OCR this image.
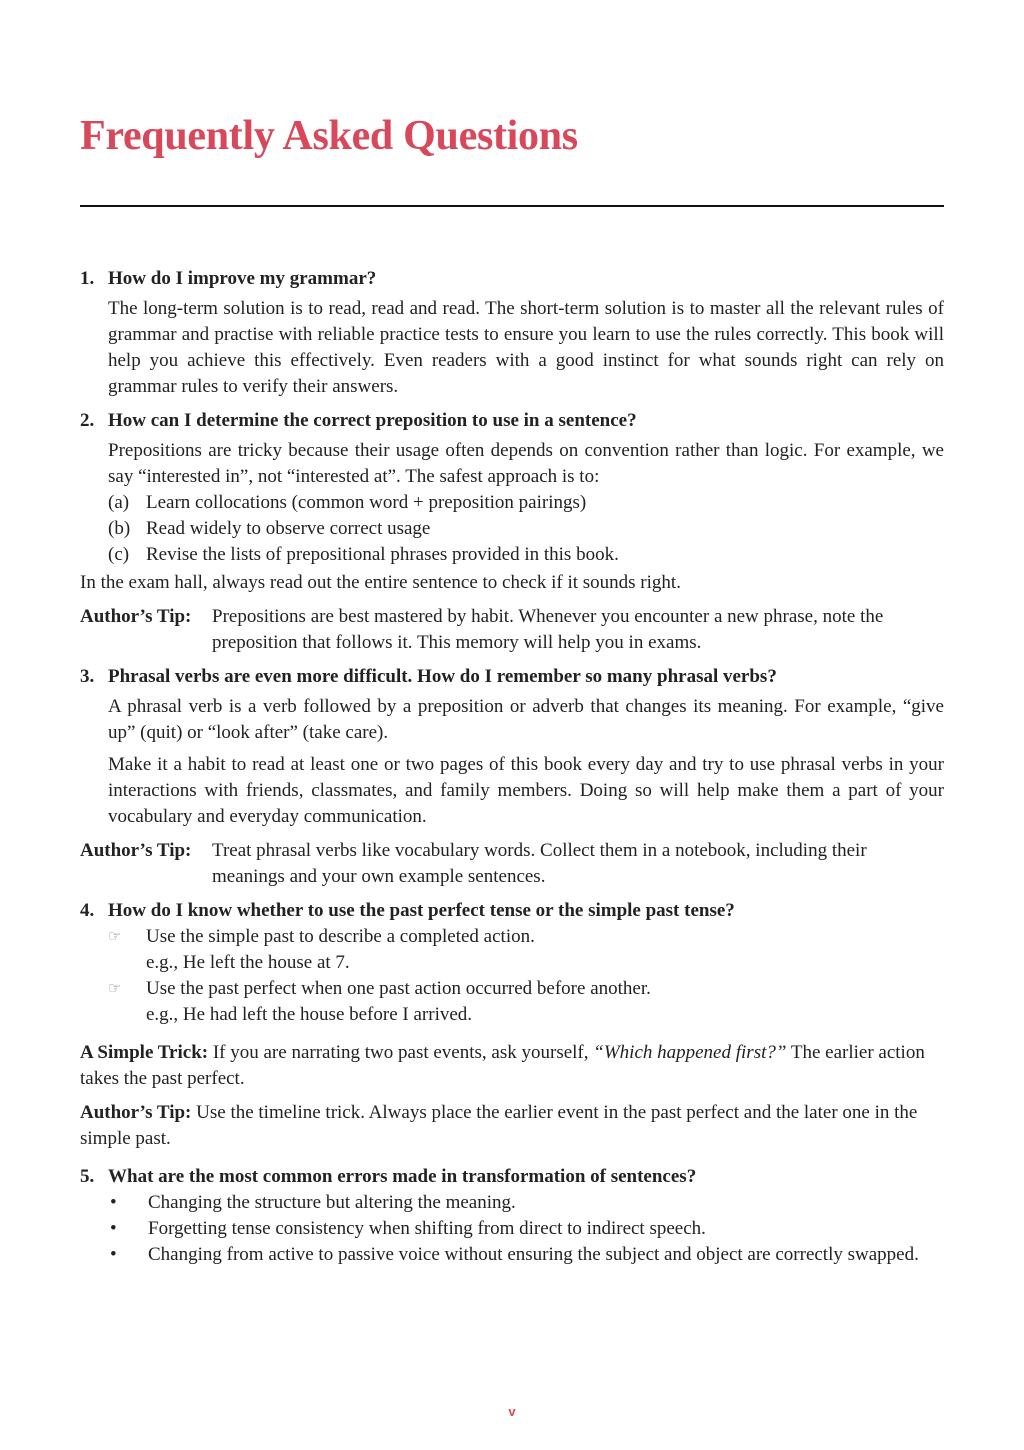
Frequently Asked Questions
1. How do I improve my grammar?
The long-term solution is to read, read and read. The short-term solution is to master all the relevant rules of grammar and practise with reliable practice tests to ensure you learn to use the rules correctly. This book will help you achieve this effectively. Even readers with a good instinct for what sounds right can rely on grammar rules to verify their answers.
2. How can I determine the correct preposition to use in a sentence?
Prepositions are tricky because their usage often depends on convention rather than logic. For example, we say “interested in”, not “interested at”. The safest approach is to:
(a) Learn collocations (common word + preposition pairings)
(b) Read widely to observe correct usage
(c) Revise the lists of prepositional phrases provided in this book.
In the exam hall, always read out the entire sentence to check if it sounds right.
Author’s Tip:	Prepositions are best mastered by habit. Whenever you encounter a new phrase, note the preposition that follows it. This memory will help you in exams.
3. Phrasal verbs are even more difficult. How do I remember so many phrasal verbs?
A phrasal verb is a verb followed by a preposition or adverb that changes its meaning. For example, “give up” (quit) or “look after” (take care).
Make it a habit to read at least one or two pages of this book every day and try to use phrasal verbs in your interactions with friends, classmates, and family members. Doing so will help make them a part of your vocabulary and everyday communication.
Author’s Tip:	Treat phrasal verbs like vocabulary words. Collect them in a notebook, including their meanings and your own example sentences.
4. How do I know whether to use the past perfect tense or the simple past tense?
☞	Use the simple past to describe a completed action.
e.g., He left the house at 7.
☞	Use the past perfect when one past action occurred before another.
e.g., He had left the house before I arrived.
A Simple Trick: If you are narrating two past events, ask yourself, “Which happened first?” The earlier action takes the past perfect.
Author’s Tip: Use the timeline trick. Always place the earlier event in the past perfect and the later one in the simple past.
5. What are the most common errors made in transformation of sentences?
•	Changing the structure but altering the meaning.
•	Forgetting tense consistency when shifting from direct to indirect speech.
•	Changing from active to passive voice without ensuring the subject and object are correctly swapped.
v
